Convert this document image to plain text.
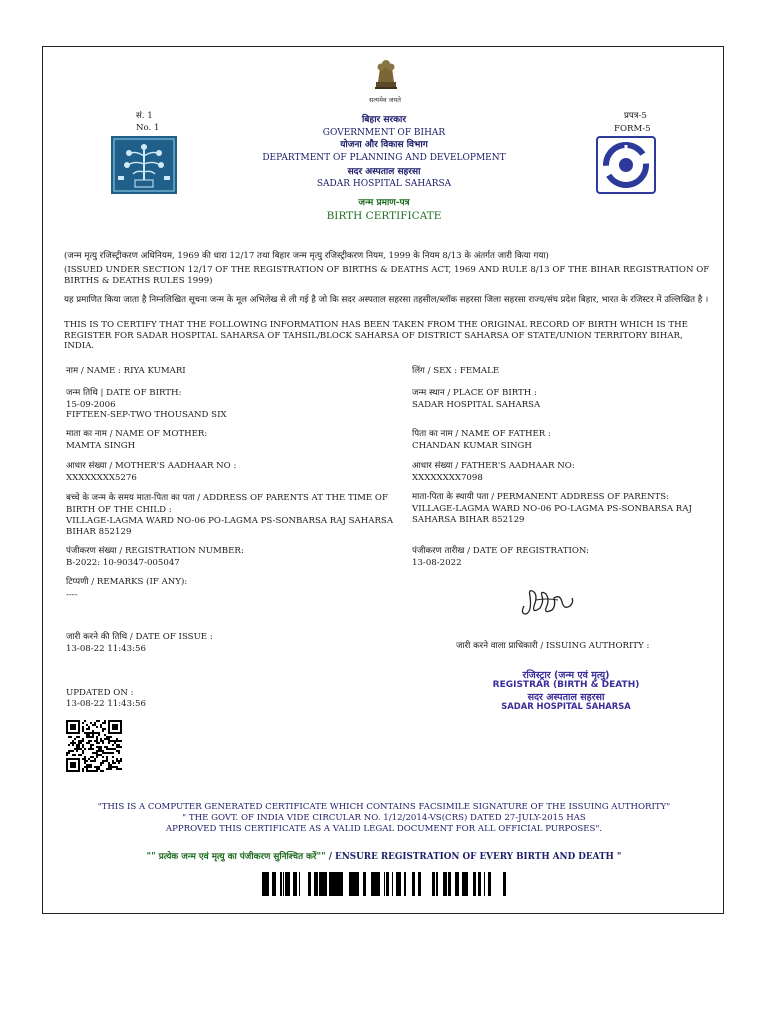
सत्यमेव जयते
सं. 1
No. 1
प्रपत्र-5
FORM-5
बिहार सरकार
GOVERNMENT OF BIHAR
योजना और विकास विभाग
DEPARTMENT OF PLANNING AND DEVELOPMENT
सदर अस्पताल सहरसा
SADAR HOSPITAL SAHARSA
जन्म प्रमाण-पत्र
BIRTH CERTIFICATE
(जन्म मृत्यु रजिस्ट्रीकरण अधिनियम, 1969 की धारा 12/17 तथा बिहार जन्म मृत्यु रजिस्ट्रीकरण नियम, 1999 के नियम 8/13 के अंतर्गत जारी किया गया)
(ISSUED UNDER SECTION 12/17 OF THE REGISTRATION OF BIRTHS & DEATHS ACT, 1969 AND RULE 8/13 OF THE BIHAR REGISTRATION OF BIRTHS & DEATHS RULES 1999)
यह प्रमाणित किया जाता है निम्नलिखित सूचना जन्म के मूल अभिलेख से ली गई है जो कि सदर अस्पताल सहरसा तहसील/ब्लॉक सहरसा जिला सहरसा राज्य/संघ प्रदेश बिहार, भारत के रजिस्टर में उल्लिखित है ।
THIS IS TO CERTIFY THAT THE FOLLOWING INFORMATION HAS BEEN TAKEN FROM THE ORIGINAL RECORD OF BIRTH WHICH IS THE REGISTER FOR SADAR HOSPITAL SAHARSA OF TAHSIL/BLOCK SAHARSA OF DISTRICT SAHARSA OF STATE/UNION TERRITORY BIHAR, INDIA.
नाम / NAME : RIYA KUMARI	लिंग / SEX : FEMALE
जन्म तिथि | DATE OF BIRTH:
15-09-2006
FIFTEEN-SEP-TWO THOUSAND SIX
जन्म स्थान / PLACE OF BIRTH :
SADAR HOSPITAL SAHARSA
माता का नाम / NAME OF MOTHER:
MAMTA SINGH
पिता का नाम / NAME OF FATHER :
CHANDAN KUMAR SINGH
आधार संख्या / MOTHER'S AADHAAR NO :
XXXXXXXX5276
आधार संख्या / FATHER'S AADHAAR NO:
XXXXXXXX7098
बच्चे के जन्म के समय माता-पिता का पता / ADDRESS OF PARENTS AT THE TIME OF BIRTH OF THE CHILD :
VILLAGE-LAGMA WARD NO-06 PO-LAGMA PS-SONBARSA RAJ SAHARSA BIHAR 852129
माता-पिता के स्थायी पता / PERMANENT ADDRESS OF PARENTS:
VILLAGE-LAGMA WARD NO-06 PO-LAGMA PS-SONBARSA RAJ SAHARSA BIHAR 852129
पंजीकरण संख्या / REGISTRATION NUMBER:
B-2022: 10-90347-005047
पंजीकरण तारीख / DATE OF REGISTRATION:
13-08-2022
टिप्पणी / REMARKS (IF ANY):
----
जारी करने की तिथि / DATE OF ISSUE :
13-08-22 11:43:56	जारी करने वाला प्राधिकारी / ISSUING AUTHORITY :
रजिस्ट्रार (जन्म एवं मृत्यु)
REGISTRAR (BIRTH & DEATH)
सदर अस्पताल सहरसा
SADAR HOSPITAL SAHARSA
UPDATED ON :
13-08-22 11:43:56
"THIS IS A COMPUTER GENERATED CERTIFICATE WHICH CONTAINS FACSIMILE SIGNATURE OF THE ISSUING AUTHORITY"
" THE GOVT. OF INDIA VIDE CIRCULAR NO. 1/12/2014-VS(CRS) DATED 27-JULY-2015 HAS
APPROVED THIS CERTIFICATE AS A VALID LEGAL DOCUMENT FOR ALL OFFICIAL PURPOSES".
"" प्रत्येक जन्म एवं मृत्यु का पंजीकरण सुनिश्चित करें"" / ENSURE REGISTRATION OF EVERY BIRTH AND DEATH "
